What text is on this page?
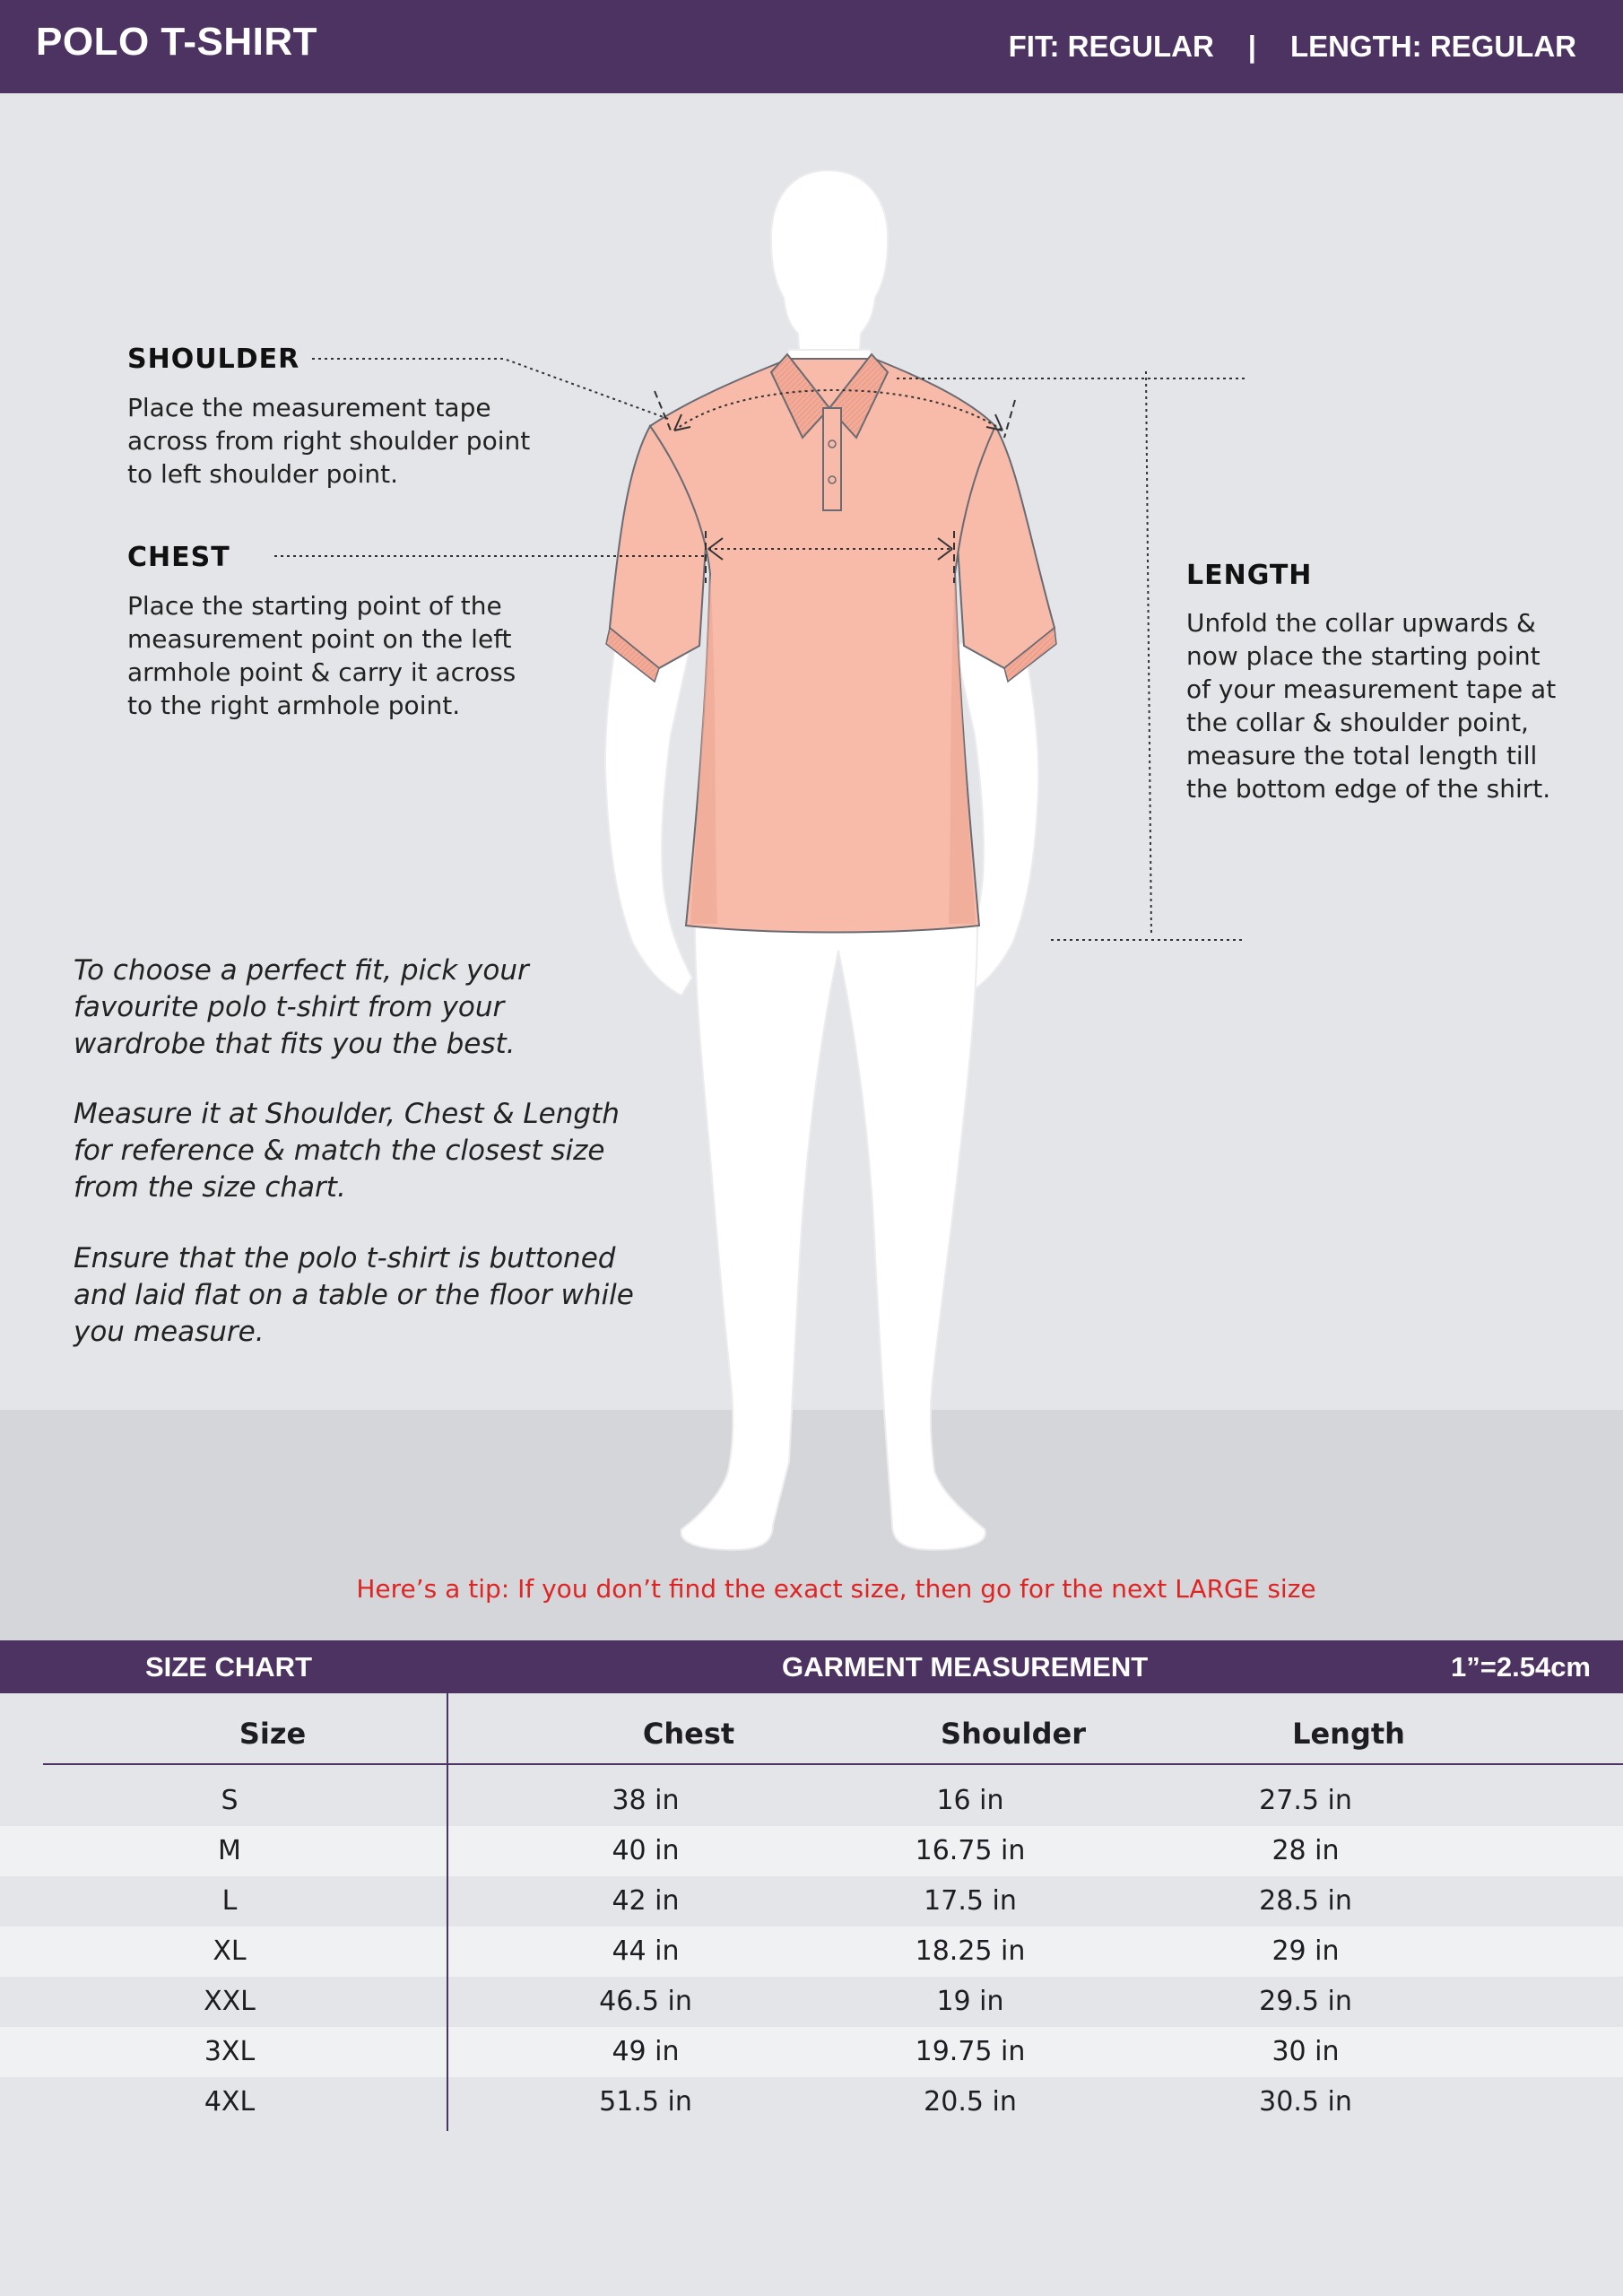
POLO T-SHIRT	FIT: REGULAR | LENGTH: REGULAR
SHOULDER
Place the measurement tape
across from right shoulder point
to left shoulder point.
CHEST
Place the starting point of the
measurement point on the left
armhole point & carry it across
to the right armhole point.
LENGTH
Unfold the collar upwards &
now place the starting point
of your measurement tape at
the collar & shoulder point,
measure the total length till
the bottom edge of the shirt.
To choose a perfect fit, pick your
favourite polo t-shirt from your
wardrobe that fits you the best.
Measure it at Shoulder, Chest & Length
for reference & match the closest size
from the size chart.
Ensure that the polo t-shirt is buttoned
and laid flat on a table or the floor while
you measure.
Here’s a tip: If you don’t find the exact size, then go for the next LARGE size
SIZE CHART	GARMENT MEASUREMENT	1”=2.54cm
Size	Chest	Shoulder	Length
S	38 in	16 in	27.5 in
M	40 in	16.75 in	28 in
L	42 in	17.5 in	28.5 in
XL	44 in	18.25 in	29 in
XXL	46.5 in	19 in	29.5 in
3XL	49 in	19.75 in	30 in
4XL	51.5 in	20.5 in	30.5 in
